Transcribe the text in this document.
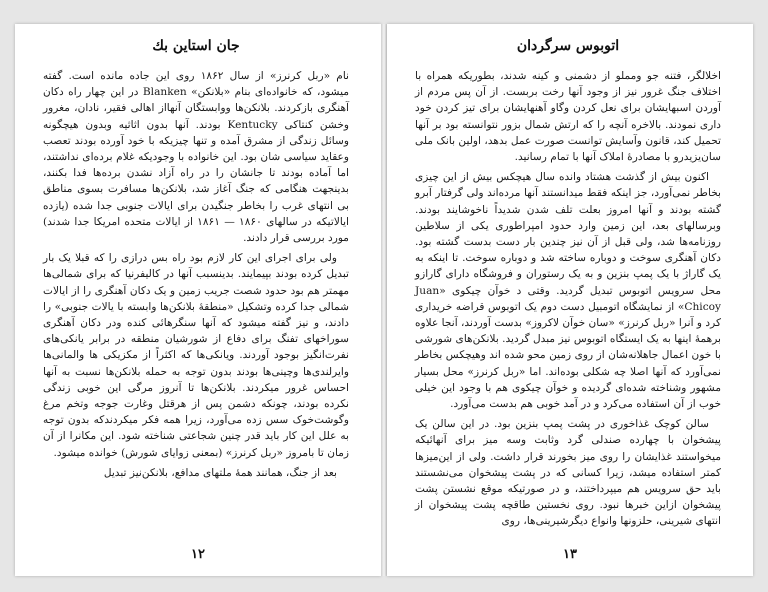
جان استاین بك

نام «ربل کرنرز» از سال ۱۸۶۲ روی این جاده مانده است. گفته میشود، که خانواده‌ای بنام «بلانکن» Blanken در این چهار راه دکان آهنگری بازکردند. بلانکن‌ها ووابستگان آنهااز اهالی فقیر، نادان، مغرور وخشن کنتاکی Kentucky بودند. آنها بدون اثاثیه وبدون هیچگونه وسائل زندگی از مشرق آمده و تنها چیزیکه با خود آورده بودند تعصب وعقاید سیاسی شان بود. این خانواده با وجودیکه غلام برده‌ای نداشتند، اما آماده بودند تا جانشان را در راه آزاد نشدن برده‌ها فدا بکنند، بدینجهت هنگامی که جنگ آغاز شد، بلانکن‌ها مسافرت بسوی مناطق بی انتهای غرب را بخاطر جنگیدن برای ایالات جنوبی جدا شده (یازده ایالاتیکه در سالهای ۱۸۶۰ — ۱۸۶۱ از ایالات متحده امریکا جدا شدند) مورد بررسی قرار دادند.

ولی برای اجرای این کار لازم بود راه بس درازی را که قبلا یک بار تبدیل کرده بودند بپیمایند. بدینسبب آنها در کالیفرنیا که برای شمالی‌ها مهمتر هم بود حدود شصت جریب زمین و یک دکان آهنگری را از ایالات شمالی جدا کرده وتشکیل «منطقهٔ بلانکن‌ها وابسته با یالات جنوبی» را دادند، و نیز گفته میشود که آنها سنگرهائی کنده ودر دکان آهنگری سوراخهای تفنگ برای دفاع از شورشیان منطقه در برابر یانکی‌های نفرت‌انگیز بوجود آوردند. ویانکی‌ها که اکثراً از مکزیکی ها والمانی‌ها وایرلندی‌ها وچینی‌ها بودند بدون توجه به حمله بلانکن‌ها نسبت به آنها احساس غرور میکردند. بلانکن‌ها تا آنروز مرگی این خوبی زندگی نکرده بودند، چونکه دشمن پس از هرقتل وغارت جوجه وتخم مرغ وگوشت‌خوک سس زده می‌آورد، زیرا همه فکر میکردندکه بدون توجه به علل این کار باید قدر چنین شجاعتی شناخته شود. این مکانرا از آن زمان تا بامروز «ربل کرنرز» (بمعنی زوایای شورش) خوانده میشود.

بعد از جنگ، همانند همهٔ ملتهای مدافع، بلانکن‌نیز تبدیل

۱۲
اتوبوس سرگردان

اخلالگر، فتنه جو ومملو از دشمنی و کینه شدند، بطوریکه همراه با اختلاف جنگ غرور نیز از وجود آنها رخت بربست. از آن پس مردم از آوردن اسبهایشان برای نعل کردن وگاو آهنهایشان برای تیز کردن خود داری نمودند. بالاخره آنچه را که ارتش شمال بزور نتوانسته بود بر آنها تحمیل کند، قانون وآسایش توانست صورت عمل بدهد، اولین بانک ملی سان‌یزیدرو با مصادرهٔ املاک آنها با تمام رسانید.

اکنون بیش از گذشت هشتاد وانده سال هیچکس بیش از این چیزی بخاطر نمی‌آورد، جز اینکه فقط میدانستند آنها مرده‌اند ولی گرفتار آبرو گشته بودند و آنها امروز بعلت تلف شدن شدیداً ناخوشایند بودند. وبرسالهای بعد، این زمین وارد حدود امپراطوری یکی از سلاطین روزنامه‌ها شد، ولی قبل از آن نیز چندین بار دست بدست گشته بود. دکان آهنگری سوخت و دوباره ساخته شد و دوباره سوخت. تا اینکه به یک گاراژ با یک پمپ بنزین و به یک رستوران و فروشگاه دارای گارازو محل سرویس اتوبوس تبدیل گردید. وقتی د خوآن چیکوی «Juan Chicoy» از نمایشگاه اتومبیل دست دوم یک اتوبوس قراضه خریداری کرد و آنرا «ربل کرنرز» «سان خوآن لاکروز» بدست آوردند، آنجا علاوه برهمهٔ اینها به یک ایستگاه اتوبوس نیز مبدل گردید. بلانکن‌های شورشی با خون اعمال جاهلانه‌شان از روی زمین محو شده اند وهیچکس بخاطر نمی‌آورد که آنها اصلا چه شکلی بوده‌اند. اما «ربل کرنرز» محل بسیار مشهور وشناخته شده‌ای گردیده و خوآن چیکوی هم با وجود این خیلی خوب از آن استفاده می‌کرد و در آمد خوبی هم بدست می‌آورد.

سالن کوچک غذاخوری در پشت پمپ بنزین بود. در این سالن یک پیشخوان با چهارده صندلی گرد وثابت وسه میز برای آنهائیکه میخواستند غذایشان را روی میز بخورند قرار داشت. ولی از این‌میزها کمتر استفاده میشد، زیرا کسانی که در پشت پیشخوان می‌نشستند باید حق سرویس هم میپرداختند، و در صورتیکه موقع نشستن پشت پیشخوان ازاین خبرها نبود. روی نخستین طاقچه پشت پیشخوان از انتهای شیرینی، حلزونها وانواع دیگرشیرینی‌ها، روی

۱۳
